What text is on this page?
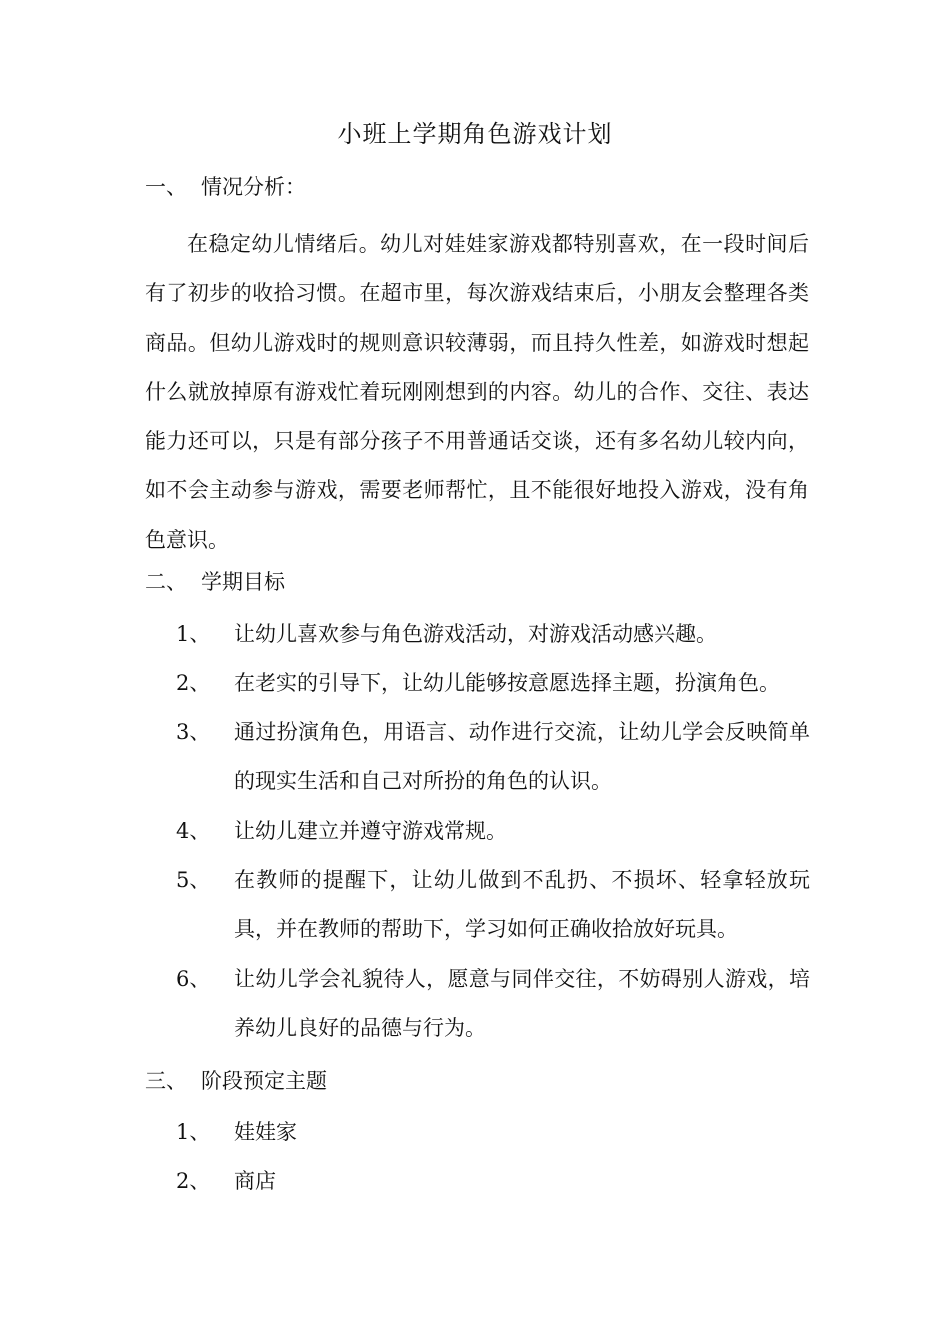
小班上学期角色游戏计划
一、 情况分析：

在稳定幼儿情绪后。幼儿对娃娃家游戏都特别喜欢，在一段时间后有了初步的收拾习惯。在超市里，每次游戏结束后，小朋友会整理各类商品。但幼儿游戏时的规则意识较薄弱，而且持久性差，如游戏时想起什么就放掉原有游戏忙着玩刚刚想到的内容。幼儿的合作、交往、表达能力还可以，只是有部分孩子不用普通话交谈，还有多名幼儿较内向，如不会主动参与游戏，需要老师帮忙，且不能很好地投入游戏，没有角色意识。

二、 学期目标
1、	让幼儿喜欢参与角色游戏活动，对游戏活动感兴趣。
2、	在老实的引导下，让幼儿能够按意愿选择主题，扮演角色。
3、	通过扮演角色，用语言、动作进行交流，让幼儿学会反映简单的现实生活和自己对所扮的角色的认识。
4、	让幼儿建立并遵守游戏常规。
5、	在教师的提醒下，让幼儿做到不乱扔、不损坏、轻拿轻放玩具，并在教师的帮助下，学习如何正确收拾放好玩具。
6、	让幼儿学会礼貌待人，愿意与同伴交往，不妨碍别人游戏，培养幼儿良好的品德与行为。
三、 阶段预定主题
1、	娃娃家
2、	商店
